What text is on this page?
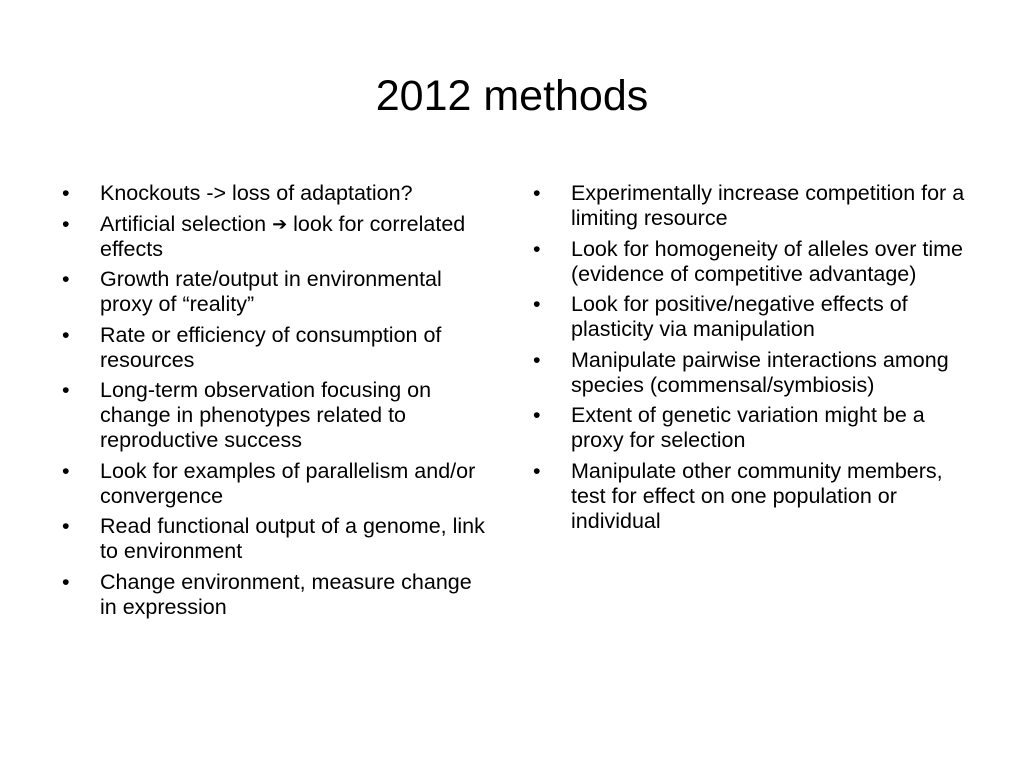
2012 methods
•	Knockouts -> loss of adaptation?
•	Artificial selection ➔ look for correlated effects
•	Growth rate/output in environmental proxy of “reality”
•	Rate or efficiency of consumption of resources
•	Long-term observation focusing on change in phenotypes related to reproductive success
•	Look for examples of parallelism and/or convergence
•	Read functional output of a genome, link to environment
•	Change environment, measure change in expression
•	Experimentally increase competition for a limiting resource
•	Look for homogeneity of alleles over time (evidence of competitive advantage)
•	Look for positive/negative effects of plasticity via manipulation
•	Manipulate pairwise interactions among species (commensal/symbiosis)
•	Extent of genetic variation might be a proxy for selection
•	Manipulate other community members, test for effect on one population or individual
